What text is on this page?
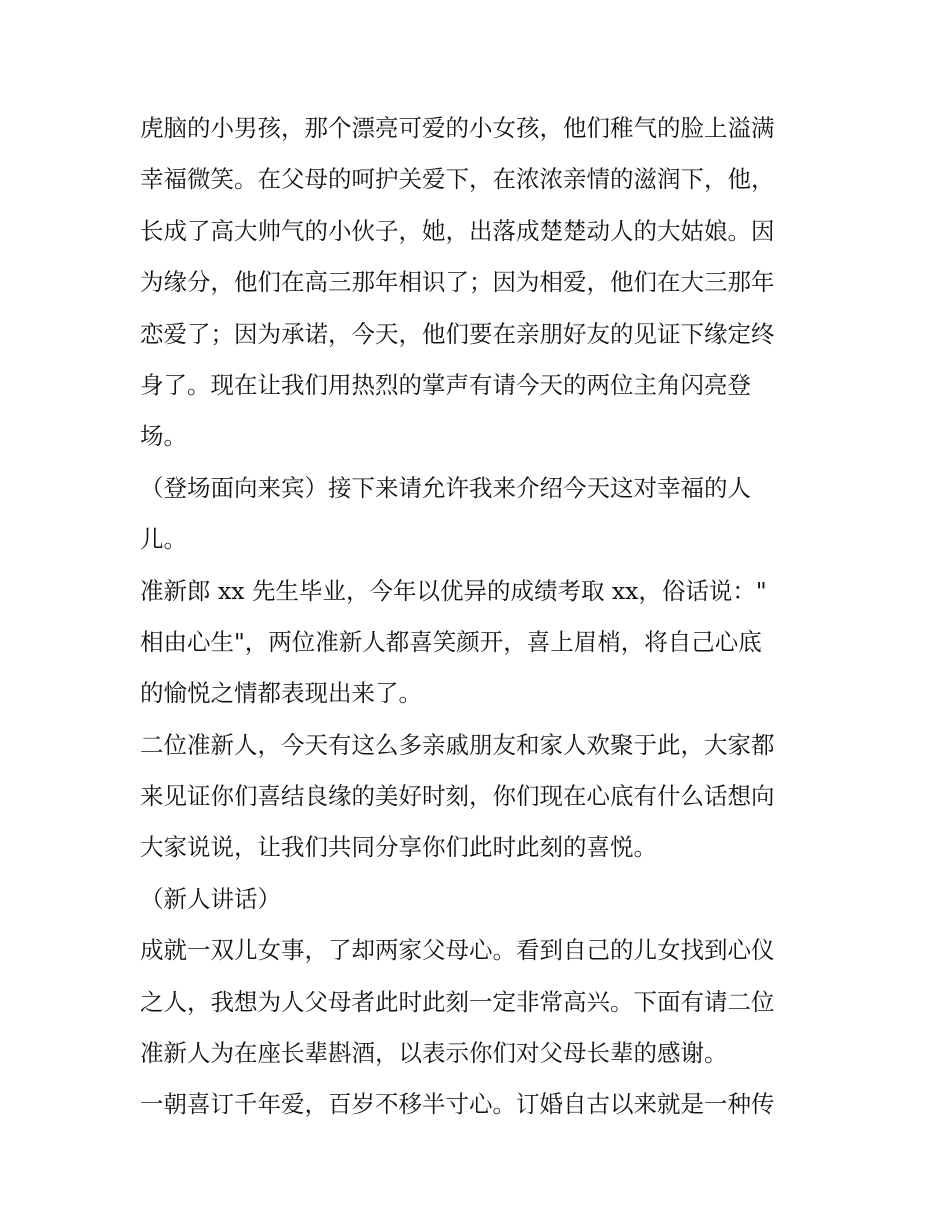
虎脑的小男孩，那个漂亮可爱的小女孩，他们稚气的脸上溢满
幸福微笑。在父母的呵护关爱下，在浓浓亲情的滋润下，他，
长成了高大帅气的小伙子，她，出落成楚楚动人的大姑娘。因
为缘分，他们在高三那年相识了；因为相爱，他们在大三那年
恋爱了；因为承诺，今天，他们要在亲朋好友的见证下缘定终
身了。现在让我们用热烈的掌声有请今天的两位主角闪亮登
场。
（登场面向来宾）接下来请允许我来介绍今天这对幸福的人
儿。
准新郎 xx 先生毕业，今年以优异的成绩考取 xx，俗话说："
相由心生"，两位准新人都喜笑颜开，喜上眉梢，将自己心底
的愉悦之情都表现出来了。
二位准新人，今天有这么多亲戚朋友和家人欢聚于此，大家都
来见证你们喜结良缘的美好时刻，你们现在心底有什么话想向
大家说说，让我们共同分享你们此时此刻的喜悦。
（新人讲话）
成就一双儿女事，了却两家父母心。看到自己的儿女找到心仪
之人，我想为人父母者此时此刻一定非常高兴。下面有请二位
准新人为在座长辈斟酒，以表示你们对父母长辈的感谢。
一朝喜订千年爱，百岁不移半寸心。订婚自古以来就是一种传
